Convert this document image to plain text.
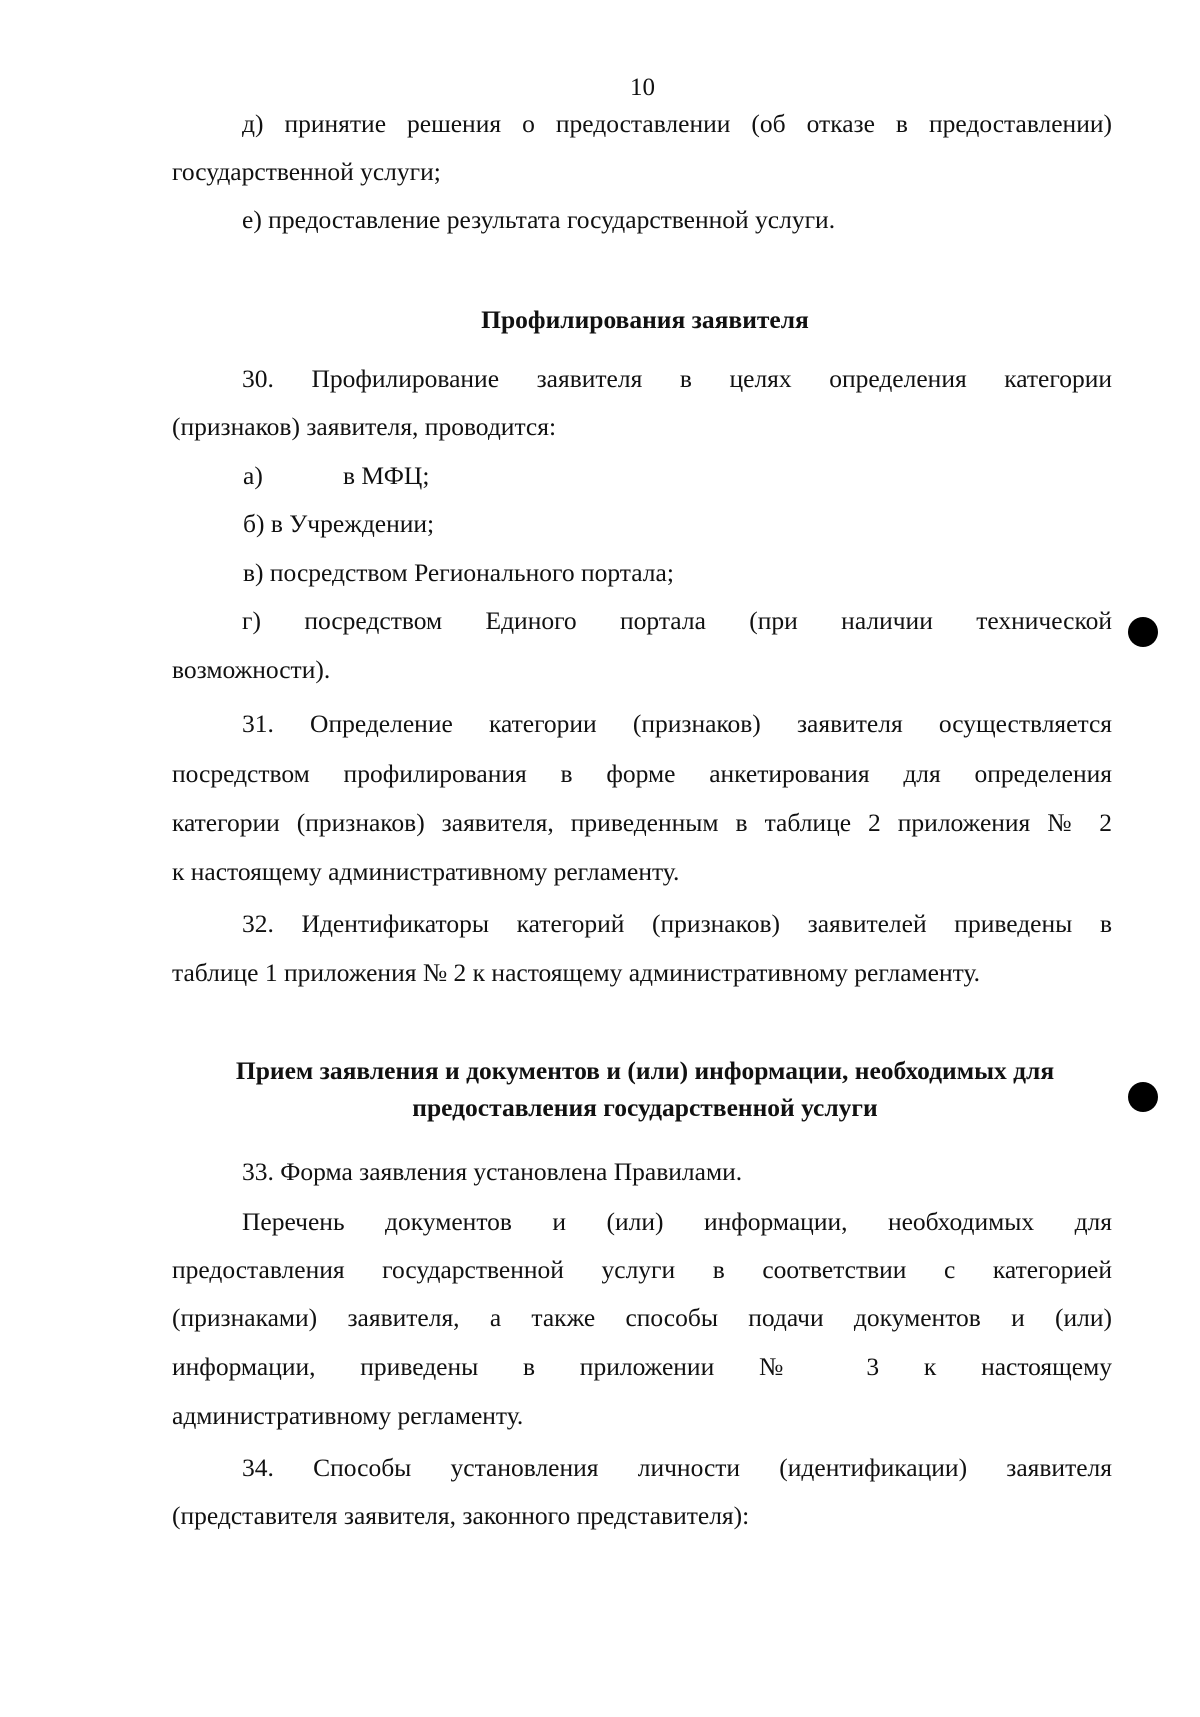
10
д) принятие решения о предоставлении (об отказе в предоставлении)
государственной услуги;
е) предоставление результата государственной услуги.
Профилирования заявителя
30. Профилирование заявителя в целях определения категории
(признаков) заявителя, проводится:
а)	в МФЦ;
б) в Учреждении;
в) посредством Регионального портала;
г) посредством Единого портала (при наличии технической
возможности).
31. Определение категории (признаков) заявителя осуществляется
посредством профилирования в форме анкетирования для определения
категории (признаков) заявителя, приведенным в таблице 2 приложения № 2
к настоящему административному регламенту.
32. Идентификаторы категорий (признаков) заявителей приведены в
таблице 1 приложения № 2 к настоящему административному регламенту.
Прием заявления и документов и (или) информации, необходимых для
предоставления государственной услуги
33. Форма заявления установлена Правилами.
Перечень документов и (или) информации, необходимых для
предоставления государственной услуги в соответствии с категорией
(признаками) заявителя, а также способы подачи документов и (или)
информации, приведены в приложении № 3 к настоящему
административному регламенту.
34. Способы установления личности (идентификации) заявителя
(представителя заявителя, законного представителя):
